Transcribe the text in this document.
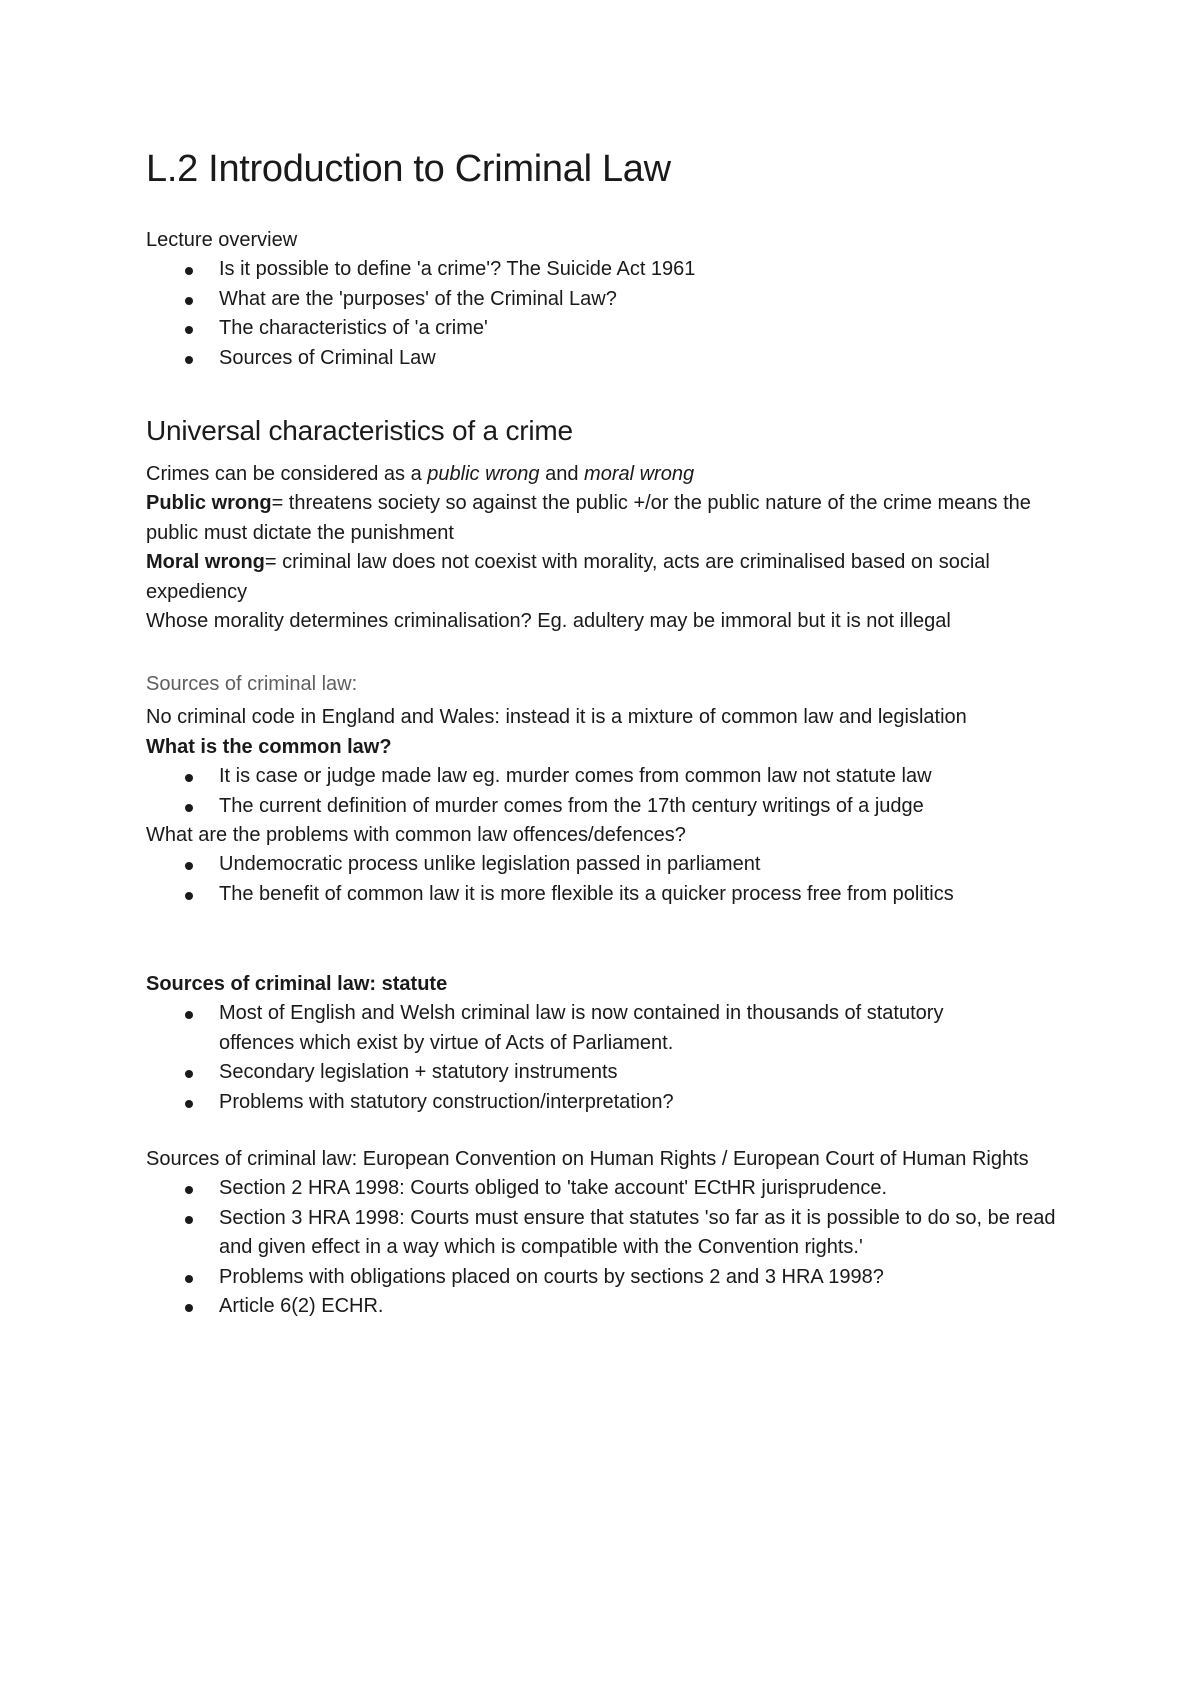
L.2 Introduction to Criminal Law

Lecture overview

Is it possible to define 'a crime'? The Suicide Act 1961
What are the 'purposes' of the Criminal Law?
The characteristics of 'a crime'
Sources of Criminal Law
Universal characteristics of a crime

Crimes can be considered as a public wrong and moral wrong

Public wrong= threatens society so against the public +/or the public nature of the crime means the public must dictate the punishment

Moral wrong= criminal law does not coexist with morality, acts are criminalised based on social expediency

Whose morality determines criminalisation? Eg. adultery may be immoral but it is not illegal

Sources of criminal law:

No criminal code in England and Wales: instead it is a mixture of common law and legislation

What is the common law?

It is case or judge made law eg. murder comes from common law not statute law
The current definition of murder comes from the 17th century writings of a judge

What are the problems with common law offences/defences?

Undemocratic process unlike legislation passed in parliament
The benefit of common law it is more flexible its a quicker process free from politics

Sources of criminal law: statute

Most of English and Welsh criminal law is now contained in thousands of statutory offences which exist by virtue of Acts of Parliament.
Secondary legislation + statutory instruments
Problems with statutory construction/interpretation?

Sources of criminal law: European Convention on Human Rights / European Court of Human Rights

Section 2 HRA 1998: Courts obliged to 'take account' ECtHR jurisprudence.
Section 3 HRA 1998: Courts must ensure that statutes 'so far as it is possible to do so, be read and given effect in a way which is compatible with the Convention rights.'
Problems with obligations placed on courts by sections 2 and 3 HRA 1998?
Article 6(2) ECHR.
